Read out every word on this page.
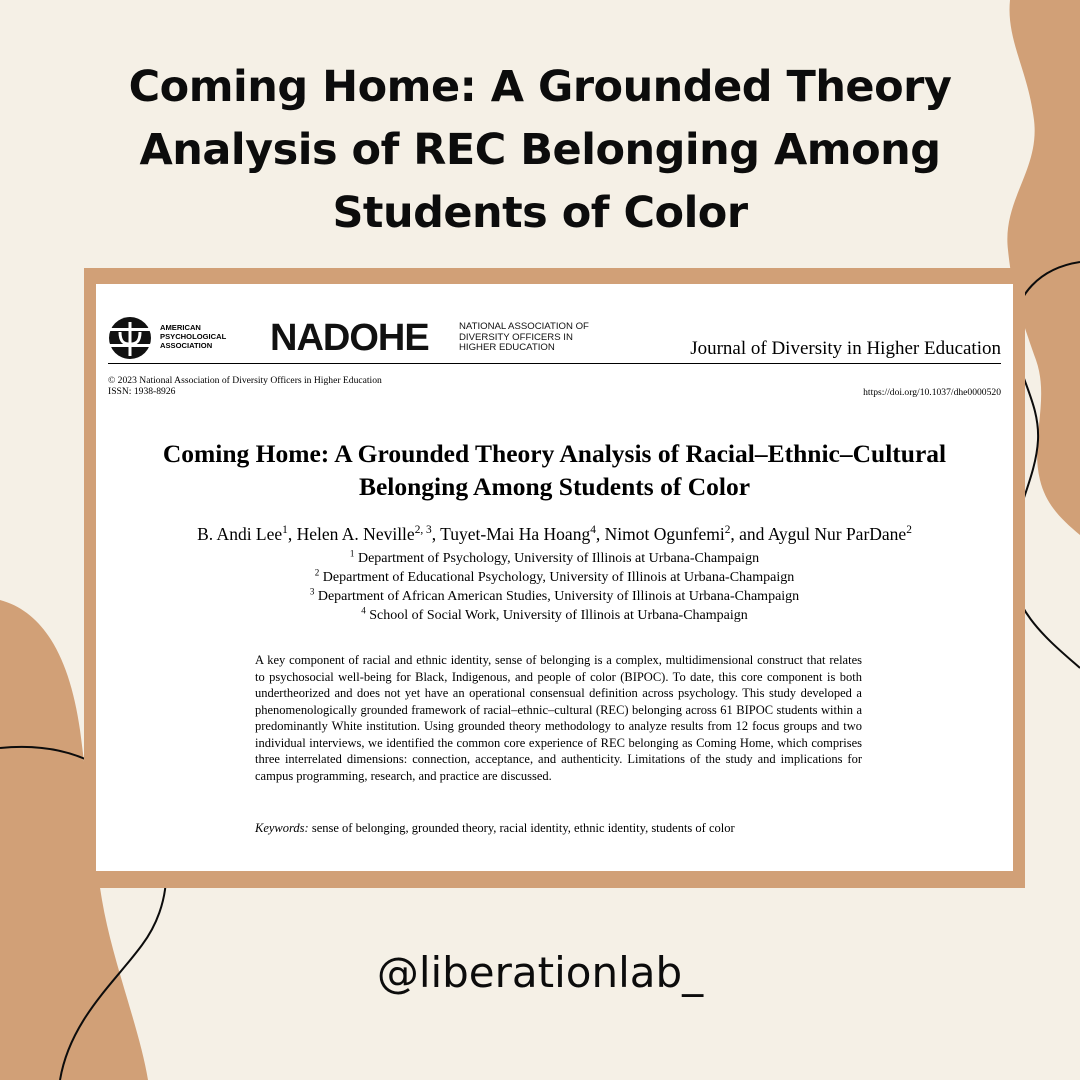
Coming Home: A Grounded Theory Analysis of REC Belonging Among Students of Color
AMERICAN PSYCHOLOGICAL ASSOCIATION	NADOHE	NATIONAL ASSOCIATION OF DIVERSITY OFFICERS IN HIGHER EDUCATION	Journal of Diversity in Higher Education
© 2023 National Association of Diversity Officers in Higher Education
ISSN: 1938-8926	https://doi.org/10.1037/dhe0000520
Coming Home: A Grounded Theory Analysis of Racial–Ethnic–Cultural
Belonging Among Students of Color
B. Andi Lee$^1$, Helen A. Neville$^{2, 3}$, Tuyet-Mai Ha Hoang$^4$, Nimot Ogunfemi$^2$, and Aygul Nur ParDane$^2$
$^1$ Department of Psychology, University of Illinois at Urbana-Champaign
$^2$ Department of Educational Psychology, University of Illinois at Urbana-Champaign
$^3$ Department of African American Studies, University of Illinois at Urbana-Champaign
$^4$ School of Social Work, University of Illinois at Urbana-Champaign

A key component of racial and ethnic identity, sense of belonging is a complex, multidimensional construct that relates to psychosocial well-being for Black, Indigenous, and people of color (BIPOC). To date, this core component is both undertheorized and does not yet have an operational consensual definition across psychology. This study developed a phenomenologically grounded framework of racial–ethnic–cultural (REC) belonging across 61 BIPOC students within a predominantly White institution. Using grounded theory methodology to analyze results from 12 focus groups and two individual interviews, we identified the common core experience of REC belonging as Coming Home, which comprises three interrelated dimensions: connection, acceptance, and authenticity. Limitations of the study and implications for campus programming, research, and practice are discussed.

Keywords: sense of belonging, grounded theory, racial identity, ethnic identity, students of color
@liberationlab_
